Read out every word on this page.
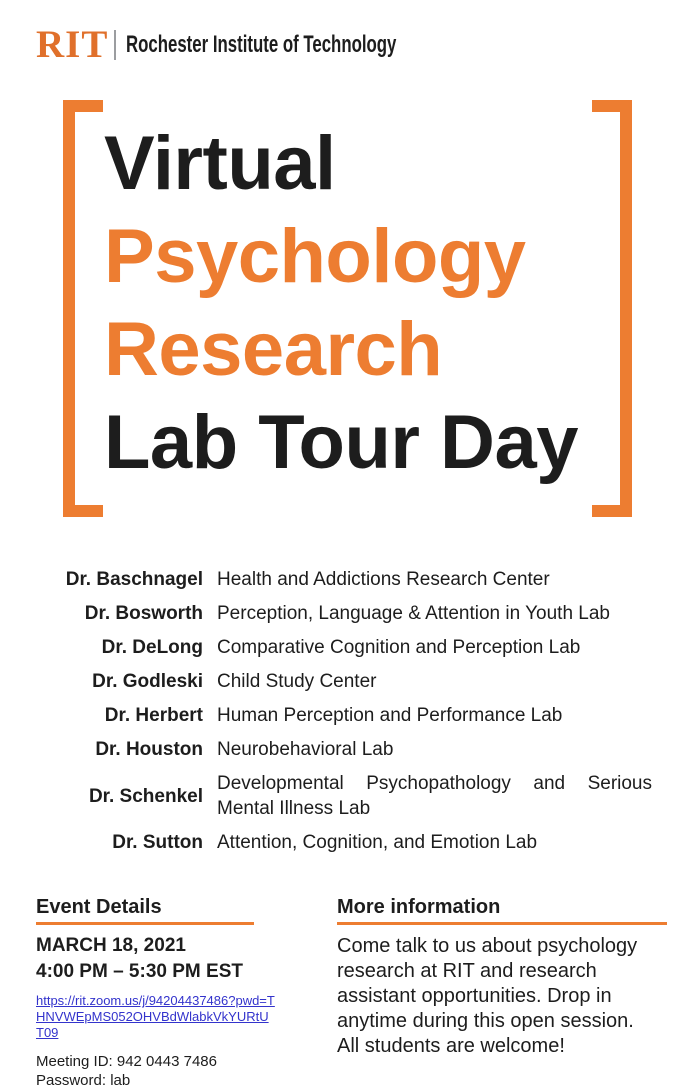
RIT Rochester Institute of Technology
Virtual
Psychology
Research
Lab Tour Day
Dr. Baschnagel Health and Addictions Research Center
Dr. Bosworth Perception, Language & Attention in Youth Lab
Dr. DeLong Comparative Cognition and Perception Lab
Dr. Godleski Child Study Center
Dr. Herbert Human Perception and Performance Lab
Dr. Houston Neurobehavioral Lab
Dr. Schenkel
Developmental Psychopathology and Serious Mental Illness Lab
Dr. Sutton Attention, Cognition, and Emotion Lab
Event Details
MARCH 18, 2021
4:00 PM – 5:30 PM EST
https://rit.zoom.us/j/94204437486?pwd=THNVWEpMS052OHVBdWlabkVkYURtUT09
Meeting ID: 942 0443 7486
Password: lab
More information

Come talk to us about psychology research at RIT and research assistant opportunities. Drop in anytime during this open session. All students are welcome!
